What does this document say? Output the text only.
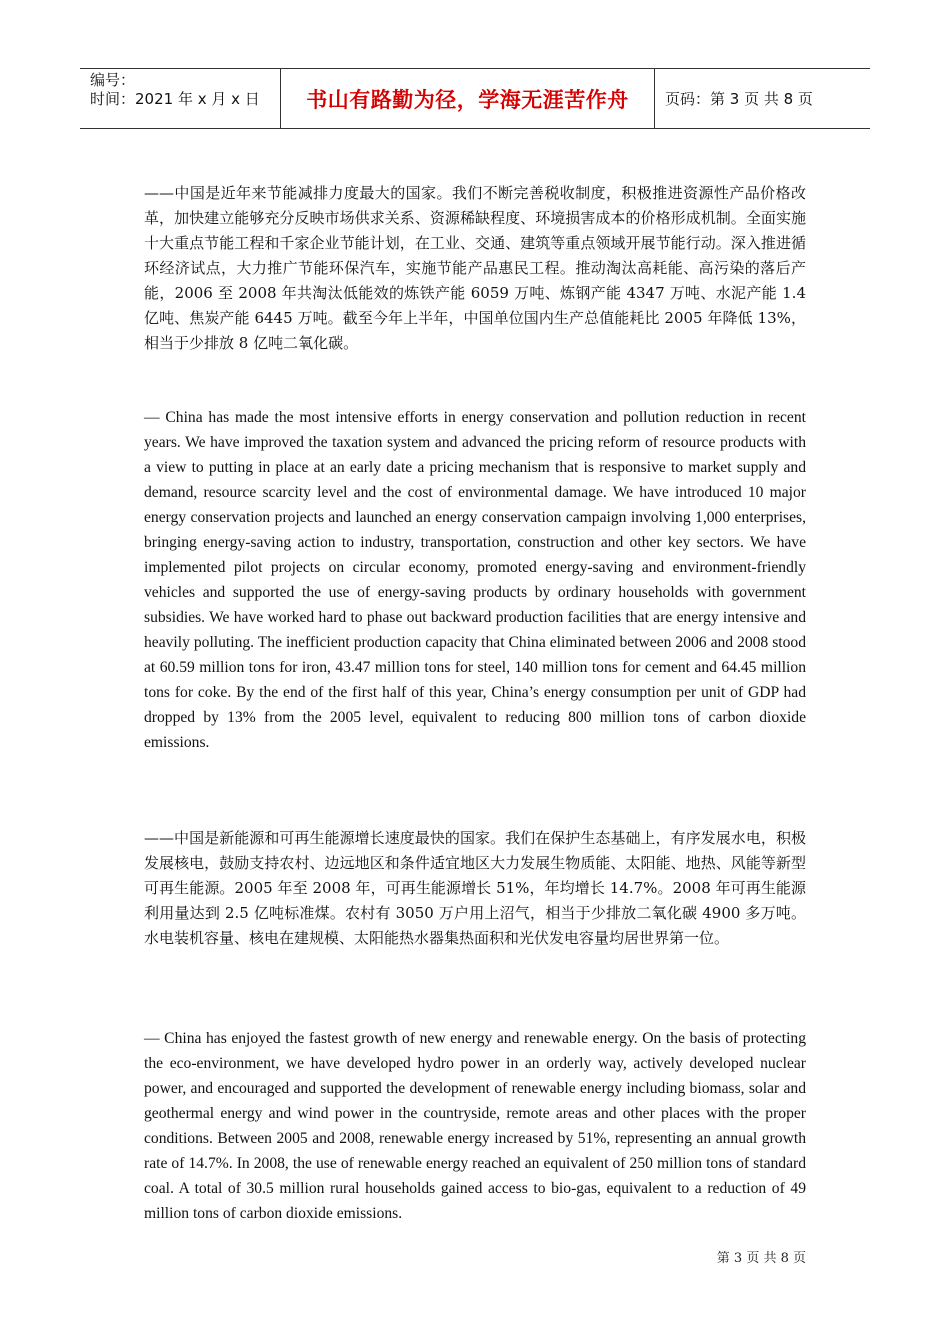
编号：
时间：2021 年 x 月 x 日	书山有路勤为径，学海无涯苦作舟 页码：第 3 页 共 8 页

——中国是近年来节能减排力度最大的国家。我们不断完善税收制度，积极推进资源性产品价格改革，加快建立能够充分反映市场供求关系、资源稀缺程度、环境损害成本的价格形成机制。全面实施十大重点节能工程和千家企业节能计划，在工业、交通、建筑等重点领域开展节能行动。深入推进循环经济试点，大力推广节能环保汽车，实施节能产品惠民工程。推动淘汰高耗能、高污染的落后产能，2006 至 2008 年共淘汰低能效的炼铁产能 6059 万吨、炼钢产能 4347 万吨、水泥产能 1.4 亿吨、焦炭产能 6445 万吨。截至今年上半年，中国单位国内生产总值能耗比 2005 年降低 13%，相当于少排放 8 亿吨二氧化碳。

— China has made the most intensive efforts in energy conservation and pollution reduction in recent years. We have improved the taxation system and advanced the pricing reform of resource products with a view to putting in place at an early date a pricing mechanism that is responsive to market supply and demand, resource scarcity level and the cost of environmental damage. We have introduced 10 major energy conservation projects and launched an energy conservation campaign involving 1,000 enterprises, bringing energy-saving action to industry, transportation, construction and other key sectors. We have implemented pilot projects on circular economy, promoted energy-saving and environment-friendly vehicles and supported the use of energy-saving products by ordinary households with government subsidies. We have worked hard to phase out backward production facilities that are energy intensive and heavily polluting. The inefficient production capacity that China eliminated between 2006 and 2008 stood at 60.59 million tons for iron, 43.47 million tons for steel, 140 million tons for cement and 64.45 million tons for coke. By the end of the first half of this year, China’s energy consumption per unit of GDP had dropped by 13% from the 2005 level, equivalent to reducing 800 million tons of carbon dioxide emissions.

——中国是新能源和可再生能源增长速度最快的国家。我们在保护生态基础上，有序发展水电，积极发展核电，鼓励支持农村、边远地区和条件适宜地区大力发展生物质能、太阳能、地热、风能等新型可再生能源。2005 年至 2008 年，可再生能源增长 51%，年均增长 14.7%。2008 年可再生能源利用量达到 2.5 亿吨标准煤。农村有 3050 万户用上沼气，相当于少排放二氧化碳 4900 多万吨。水电装机容量、核电在建规模、太阳能热水器集热面积和光伏发电容量均居世界第一位。

— China has enjoyed the fastest growth of new energy and renewable energy. On the basis of protecting the eco-environment, we have developed hydro power in an orderly way, actively developed nuclear power, and encouraged and supported the development of renewable energy including biomass, solar and geothermal energy and wind power in the countryside, remote areas and other places with the proper conditions. Between 2005 and 2008, renewable energy increased by 51%, representing an annual growth rate of 14.7%. In 2008, the use of renewable energy reached an equivalent of 250 million tons of standard coal. A total of 30.5 million rural households gained access to bio-gas, equivalent to a reduction of 49 million tons of carbon dioxide emissions.

第 3 页 共 8 页
